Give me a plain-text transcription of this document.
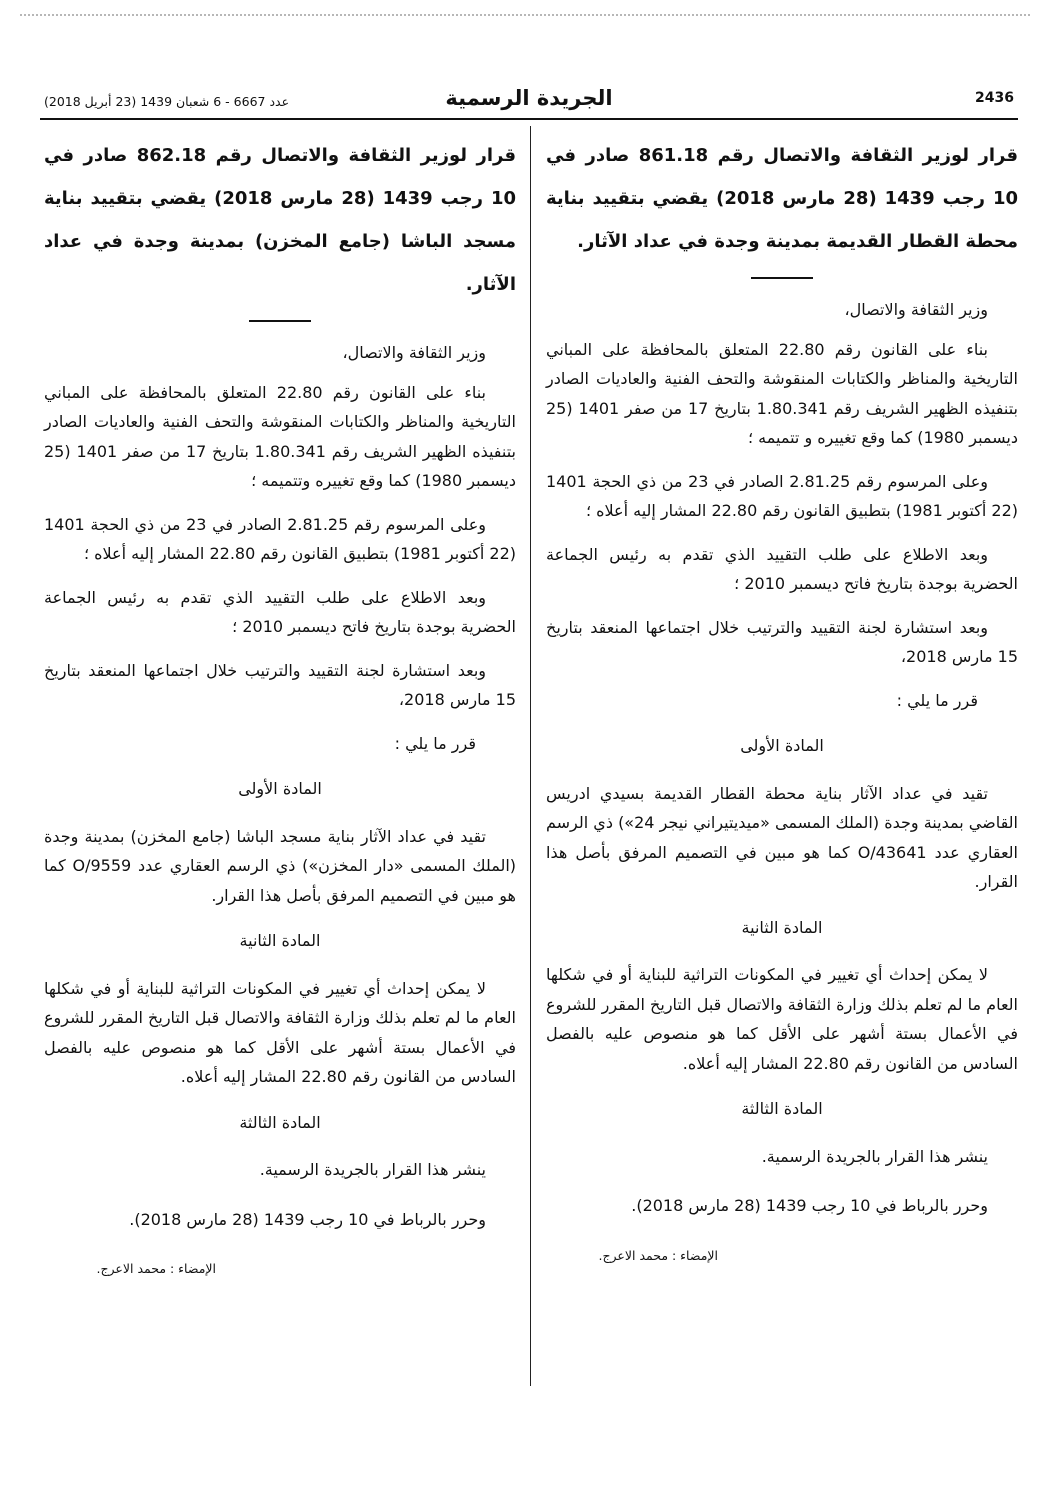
2436
الجريدة الرسمية
عدد 6667 - 6 شعبان 1439 (23 أبريل 2018)

قرار لوزير الثقافة والاتصال رقم 861.18 صادر في 10 رجب 1439 (28 مارس 2018) يقضي بتقييد بناية محطة القطار القديمة بمدينة وجدة في عداد الآثار.

وزير الثقافة والاتصال،

بناء على القانون رقم 22.80 المتعلق بالمحافظة على المباني التاريخية والمناظر والكتابات المنقوشة والتحف الفنية والعاديات الصادر بتنفيذه الظهير الشريف رقم 1.80.341 بتاريخ 17 من صفر 1401 (25 ديسمبر 1980) كما وقع تغييره و تتميمه ؛

وعلى المرسوم رقم 2.81.25 الصادر في 23 من ذي الحجة 1401 (22 أكتوبر 1981) بتطبيق القانون رقم 22.80 المشار إليه أعلاه ؛

وبعد الاطلاع على طلب التقييد الذي تقدم به رئيس الجماعة الحضرية بوجدة بتاريخ فاتح ديسمبر 2010 ؛

وبعد استشارة لجنة التقييد والترتيب خلال اجتماعها المنعقد بتاريخ 15 مارس 2018،

قرر ما يلي :

المادة الأولى

تقيد في عداد الآثار بناية محطة القطار القديمة بسيدي ادريس القاضي بمدينة وجدة (الملك المسمى «ميديتيراني نيجر 24») ذي الرسم العقاري عدد O/43641 كما هو مبين في التصميم المرفق بأصل هذا القرار.

المادة الثانية

لا يمكن إحداث أي تغيير في المكونات التراثية للبناية أو في شكلها العام ما لم تعلم بذلك وزارة الثقافة والاتصال قبل التاريخ المقرر للشروع في الأعمال بستة أشهر على الأقل كما هو منصوص عليه بالفصل السادس من القانون رقم 22.80 المشار إليه أعلاه.

المادة الثالثة

ينشر هذا القرار بالجريدة الرسمية.

وحرر بالرباط في 10 رجب 1439 (28 مارس 2018).

الإمضاء : محمد الاعرج.

قرار لوزير الثقافة والاتصال رقم 862.18 صادر في 10 رجب 1439 (28 مارس 2018) يقضي بتقييد بناية مسجد الباشا (جامع المخزن) بمدينة وجدة في عداد الآثار.

وزير الثقافة والاتصال،

بناء على القانون رقم 22.80 المتعلق بالمحافظة على المباني التاريخية والمناظر والكتابات المنقوشة والتحف الفنية والعاديات الصادر بتنفيذه الظهير الشريف رقم 1.80.341 بتاريخ 17 من صفر 1401 (25 ديسمبر 1980) كما وقع تغييره وتتميمه ؛

وعلى المرسوم رقم 2.81.25 الصادر في 23 من ذي الحجة 1401 (22 أكتوبر 1981) بتطبيق القانون رقم 22.80 المشار إليه أعلاه ؛

وبعد الاطلاع على طلب التقييد الذي تقدم به رئيس الجماعة الحضرية بوجدة بتاريخ فاتح ديسمبر 2010 ؛

وبعد استشارة لجنة التقييد والترتيب خلال اجتماعها المنعقد بتاريخ 15 مارس 2018،

قرر ما يلي :

المادة الأولى

تقيد في عداد الآثار بناية مسجد الباشا (جامع المخزن) بمدينة وجدة (الملك المسمى «دار المخزن») ذي الرسم العقاري عدد O/9559 كما هو مبين في التصميم المرفق بأصل هذا القرار.

المادة الثانية

لا يمكن إحداث أي تغيير في المكونات التراثية للبناية أو في شكلها العام ما لم تعلم بذلك وزارة الثقافة والاتصال قبل التاريخ المقرر للشروع في الأعمال بستة أشهر على الأقل كما هو منصوص عليه بالفصل السادس من القانون رقم 22.80 المشار إليه أعلاه.

المادة الثالثة

ينشر هذا القرار بالجريدة الرسمية.

وحرر بالرباط في 10 رجب 1439 (28 مارس 2018).

الإمضاء : محمد الاعرج.
